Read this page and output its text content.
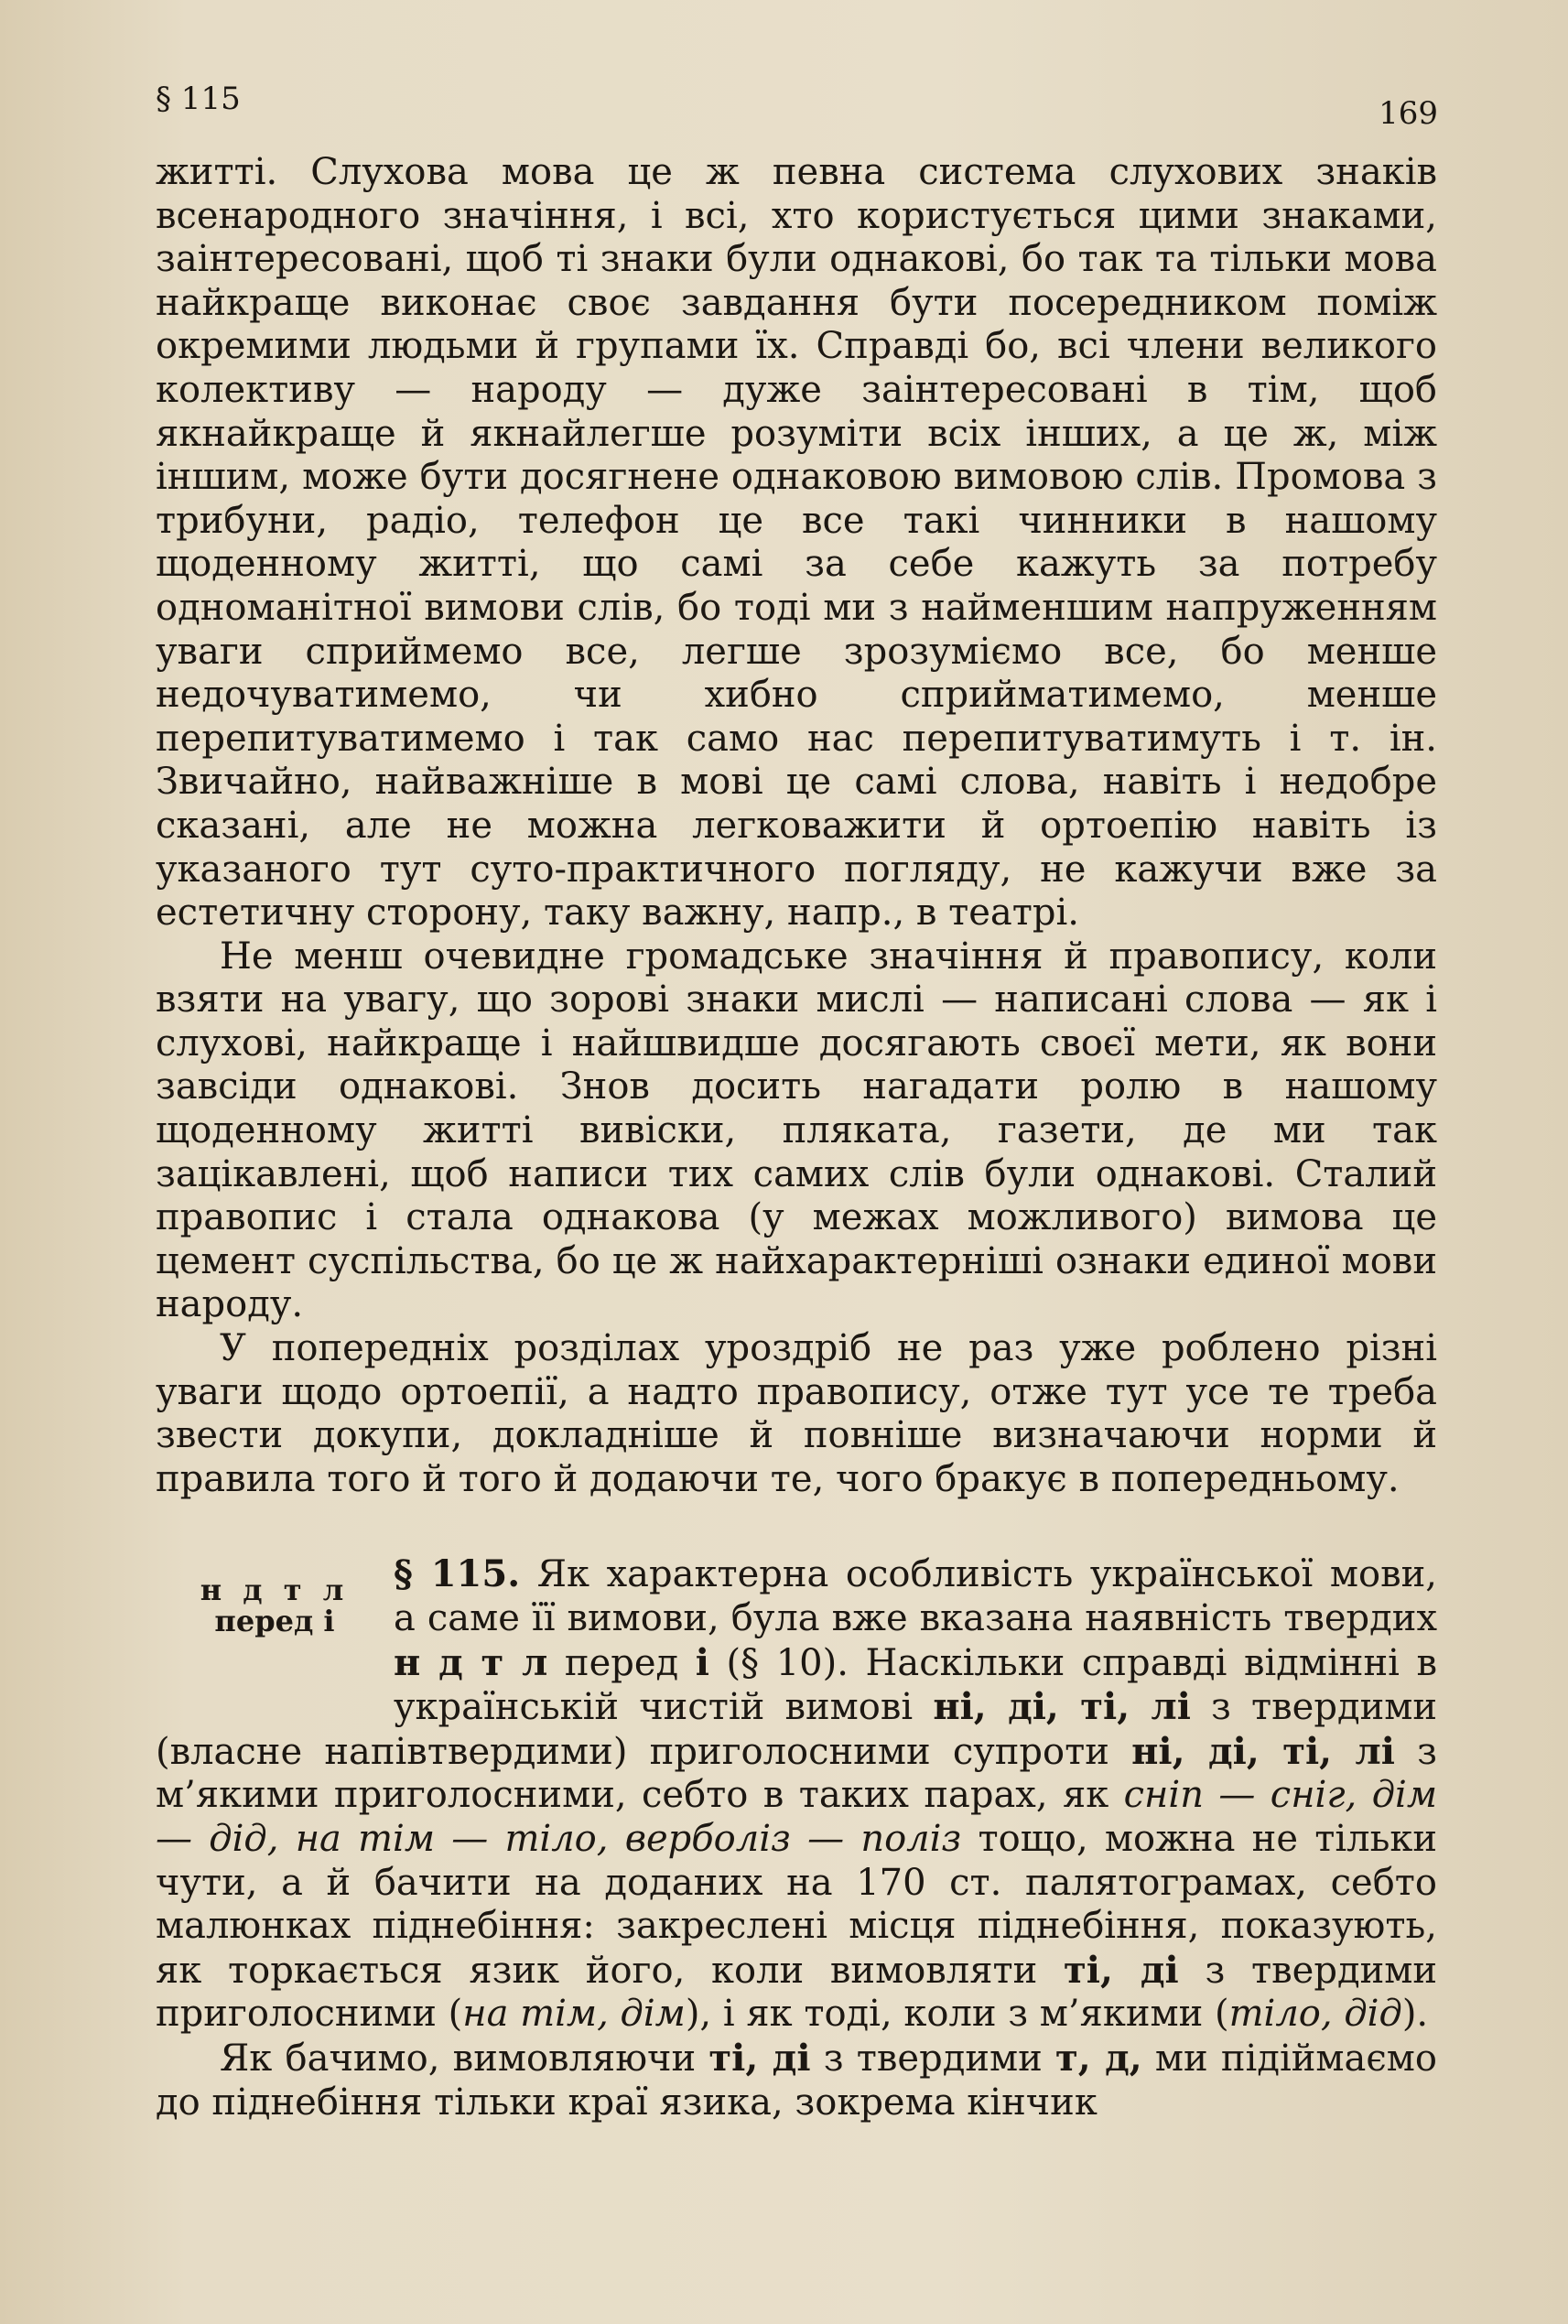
§ 115	169

житті. Слухова мова це ж певна система слухових знаків всенародного значіння, і всі, хто користується цими знаками, заінтересовані, щоб ті знаки були однакові, бо так та тільки мова найкраще виконає своє завдання бути посередником поміж окремими людьми й групами їх. Справді бо, всі члени великого колективу — народу — дуже заінтересовані в тім, щоб якнайкраще й якнайлегше розуміти всіх інших, а це ж, між іншим, може бути досягнене однаковою вимовою слів. Промова з трибуни, радіо, телефон це все такі чинники в нашому щоденному житті, що самі за себе кажуть за потребу одноманітної вимови слів, бо тоді ми з найменшим напруженням уваги сприймемо все, легше зрозуміємо все, бо менше недочуватимемо, чи хибно сприйматимемо, менше перепитуватимемо і так само нас перепитуватимуть і т. ін. Звичайно, найважніше в мові це самі слова, навіть і недобре сказані, але не можна легковажити й ортоепію навіть із указаного тут суто-практичного погляду, не кажучи вже за естетичну сторону, таку важну, напр., в театрі.

Не менш очевидне громадське значіння й правопису, коли взяти на увагу, що зорові знаки мислі — написані слова — як і слухові, найкраще і найшвидше досягають своєї мети, як вони завсіди однакові. Знов досить нагадати ролю в нашому щоденному житті вивіски, пляката, газети, де ми так зацікавлені, щоб написи тих самих слів були однакові. Сталий правопис і стала однакова (у межах можливого) вимова це цемент суспільства, бо це ж найхарактерніші ознаки единої мови народу.

У попередніх розділах уроздріб не раз уже роблено різні уваги щодо ортоепії, а надто правопису, отже тут усе те треба звести докупи, докладніше й повніше визначаючи норми й правила того й того й додаючи те, чого бракує в попередньому.

н д т л
перед і

§ 115. Як характерна особливість української мови, а саме її вимови, була вже вказана наявність твердих н д т л перед і (§ 10). Наскільки справді відмінні в українській чистій вимові ні, ді, ті, лі з твердими (власне напівтвердими) приголосними супроти ні, ді, ті, лі з м’якими приголосними, себто в таких парах, як сніп — сніг, дім — дід, на тім — тіло, верболіз — поліз тощо, можна не тільки чути, а й бачити на доданих на 170 ст. палятограмах, себто малюнках піднебіння: закреслені місця піднебіння, показують, як торкається язик його, коли вимовляти ті, ді з твердими приголосними (на тім, дім), і як тоді, коли з м’якими (тіло, дід).

Як бачимо, вимовляючи ті, ді з твердими т, д, ми підіймаємо до піднебіння тільки краї язика, зокрема кінчик
